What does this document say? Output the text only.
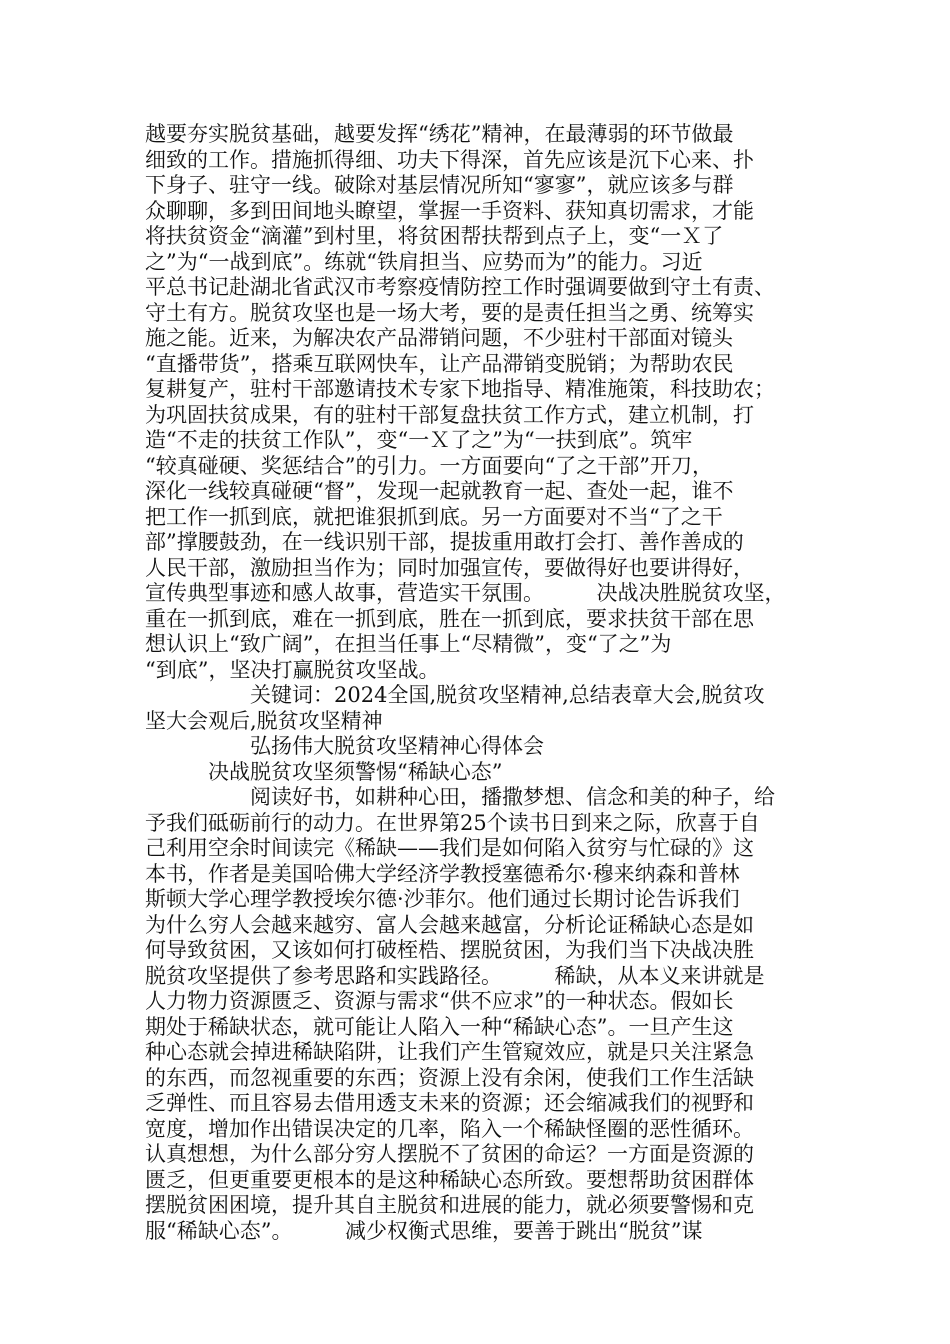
越要夯实脱贫基础，越要发挥“绣花”精神，在最薄弱的环节做最
细致的工作。措施抓得细、功夫下得深，首先应该是沉下心来、扑
下身子、驻守一线。破除对基层情况所知“寥寥”，就应该多与群
众聊聊，多到田间地头瞭望，掌握一手资料、获知真切需求，才能
将扶贫资金“滴灌”到村里，将贫困帮扶帮到点子上，变“一Ｘ了
之”为“一战到底”。练就“铁肩担当、应势而为”的能力。习近
平总书记赴湖北省武汉市考察疫情防控工作时强调要做到守土有责、
守土有方。脱贫攻坚也是一场大考，要的是责任担当之勇、统筹实
施之能。近来，为解决农产品滞销问题，不少驻村干部面对镜头
“直播带货”，搭乘互联网快车，让产品滞销变脱销；为帮助农民
复耕复产，驻村干部邀请技术专家下地指导、精准施策，科技助农；
为巩固扶贫成果，有的驻村干部复盘扶贫工作方式，建立机制，打
造“不走的扶贫工作队”，变“一Ｘ了之”为“一扶到底”。筑牢
“较真碰硬、奖惩结合”的引力。一方面要向“了之干部”开刀，
深化一线较真碰硬“督”，发现一起就教育一起、查处一起，谁不
把工作一抓到底，就把谁狠抓到底。另一方面要对不当“了之干
部”撑腰鼓劲，在一线识别干部，提拔重用敢打会打、善作善成的
人民干部，激励担当作为；同时加强宣传，要做得好也要讲得好，
宣传典型事迹和感人故事，营造实干氛围。　　　决战决胜脱贫攻坚，
重在一抓到底，难在一抓到底，胜在一抓到底，要求扶贫干部在思
想认识上“致广阔”，在担当任事上“尽精微”，变“了之”为
“到底”，坚决打赢脱贫攻坚战。
　　　　　关键词：2024全国,脱贫攻坚精神,总结表章大会,脱贫攻
坚大会观后,脱贫攻坚精神
　　　　　弘扬伟大脱贫攻坚精神心得体会
　　　决战脱贫攻坚须警惕“稀缺心态”
　　　　　阅读好书，如耕种心田，播撒梦想、信念和美的种子，给
予我们砥砺前行的动力。在世界第25个读书日到来之际，欣喜于自
己利用空余时间读完《稀缺——我们是如何陷入贫穷与忙碌的》这
本书，作者是美国哈佛大学经济学教授塞德希尔·穆来纳森和普林
斯顿大学心理学教授埃尔德·沙菲尔。他们通过长期讨论告诉我们
为什么穷人会越来越穷、富人会越来越富，分析论证稀缺心态是如
何导致贫困，又该如何打破桎梏、摆脱贫困，为我们当下决战决胜
脱贫攻坚提供了参考思路和实践路径。　　　稀缺，从本义来讲就是
人力物力资源匮乏、资源与需求“供不应求”的一种状态。假如长
期处于稀缺状态，就可能让人陷入一种“稀缺心态”。一旦产生这
种心态就会掉进稀缺陷阱，让我们产生管窥效应，就是只关注紧急
的东西，而忽视重要的东西；资源上没有余闲，使我们工作生活缺
乏弹性、而且容易去借用透支未来的资源；还会缩减我们的视野和
宽度，增加作出错误决定的几率，陷入一个稀缺怪圈的恶性循环。
认真想想，为什么部分穷人摆脱不了贫困的命运？一方面是资源的
匮乏，但更重要更根本的是这种稀缺心态所致。要想帮助贫困群体
摆脱贫困困境，提升其自主脱贫和进展的能力，就必须要警惕和克
服“稀缺心态”。　　　减少权衡式思维，要善于跳出“脱贫”谋
